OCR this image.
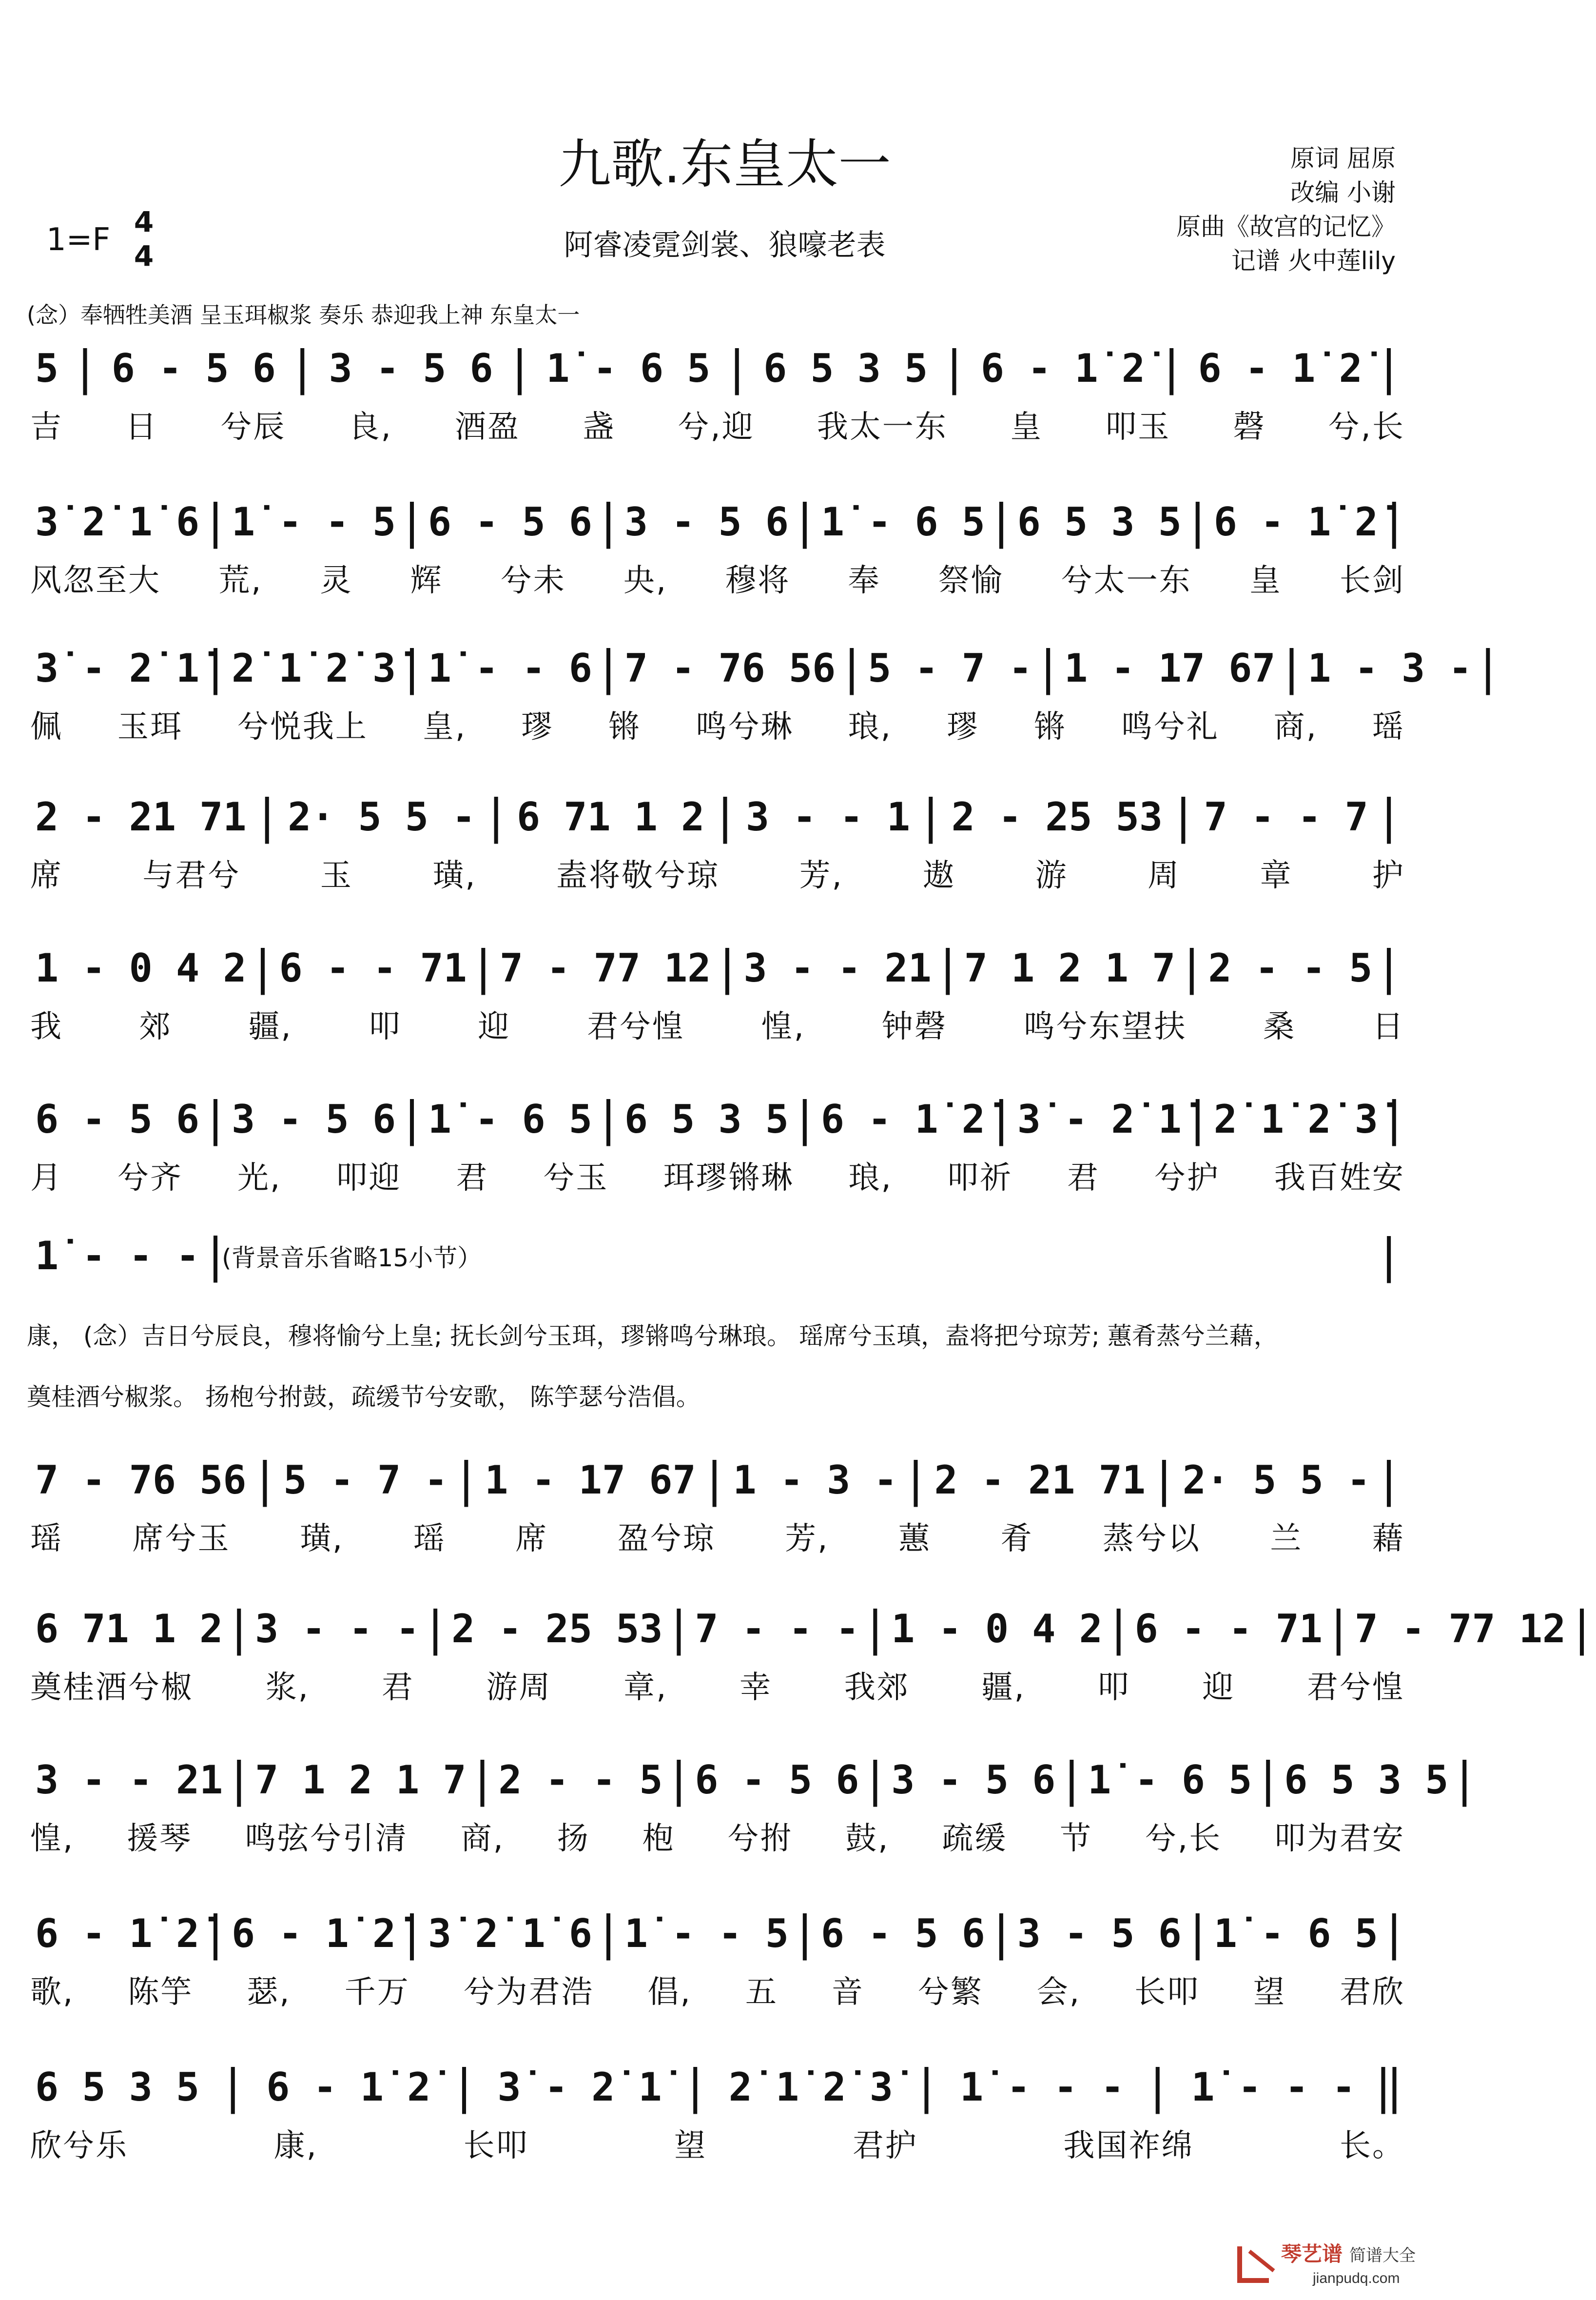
九歌.东皇太一
阿睿凌霓剑裳、狼嚎老表
1=F 4
4
原词 屈原
改编 小谢
原曲《故宫的记忆》
记谱 火中莲lily
(念）奉牺牲美酒 呈玉珥椒浆 奏乐 恭迎我上神 东皇太一
5 | 6 - 5 6 | 3 - 5 6 | 1̇ - 6 5 | 6 5 3 5 | 6 - 1̇ 2̇ | 6 - 1̇ 2̇ |
吉 日 兮辰 良, 酒盈 盏 兮,迎 我太一东 皇 叩玉 磬 兮,长
3̇ 2̇ 1̇ 6 | 1̇ - - 5 | 6 - 5 6 | 3 - 5 6 | 1̇ - 6 5 | 6 5 3 5 | 6 - 1̇ 2̇ |
风忽至大 荒, 灵 辉 兮未 央, 穆将 奉 祭愉 兮太一东 皇 长剑
3̇ - 2̇ 1̇ | 2̇ 1̇ 2̇ 3̇ | 1̇ - - 6 | 7 - 76 56 | 5 - 7 - | 1 - 17 67 | 1 - 3 - |
佩 玉珥 兮悦我上 皇, 璆 锵 鸣兮琳 琅, 璆 锵 鸣兮礼 商, 瑶
2 - 21 71 | 2· 5 5 - | 6 71 1 2 | 3 - - 1 | 2 - 25 53 | 7 - - 7 |
席	与君兮	玉	璜,	盍将敬兮琼	芳,	遨	游	周	章	护
1 - 0 4 2 | 6 - - 71 | 7 - 77 12 | 3 - - 21 | 7 1 2 1 7 | 2 - - 5 |
我 郊 疆, 叩 迎 君兮惶 惶, 钟磬 鸣兮东望扶 桑 日
6 - 5 6 | 3 - 5 6 | 1̇ - 6 5 | 6 5 3 5 | 6 - 1̇ 2̇ | 3̇ - 2̇ 1̇ | 2̇ 1̇ 2̇ 3̇ |
月 兮齐 光, 叩迎 君 兮玉 珥璆锵琳 琅, 叩祈 君 兮护 我百姓安
1̇ - - - |
7 - 76 56 | 5 - 7 - | 1 - 17 67 | 1 - 3 - | 2 - 21 71 | 2· 5 5 - |
瑶 席兮玉 璜, 瑶 席 盈兮琼 芳, 蕙 肴 蒸兮以 兰 藉
6 71 1 2 | 3 - - - | 2 - 25 53 | 7 - - - | 1 - 0 4 2 | 6 - - 71 | 7 - 77 12 |
奠桂酒兮椒 浆, 君 游周 章, 幸 我郊 疆, 叩 迎 君兮惶
3 - - 21 | 7 1 2 1 7 | 2 - - 5 | 6 - 5 6 | 3 - 5 6 | 1̇ - 6 5 | 6 5 3 5 |
惶, 援琴 鸣弦兮引清 商, 扬 枹 兮拊 鼓, 疏缓 节 兮,长 叩为君安
6 - 1̇ 2̇ | 6 - 1̇ 2̇ | 3̇ 2̇ 1̇ 6 | 1̇ - - 5 | 6 - 5 6 | 3 - 5 6 | 1̇ - 6 5 |
歌, 陈竽 瑟, 千万 兮为君浩 倡, 五 音 兮繁 会, 长叩 望 君欣
6 5 3 5 | 6 - 1̇ 2̇ | 3̇ - 2̇ 1̇ | 2̇ 1̇ 2̇ 3̇ | 1̇ - - - | 1̇ - - - ‖
欣兮乐	康,	长叩	望	君护	我国祚绵	长。
(背景音乐省略15小节）	|
康， (念）吉日兮辰良，穆将愉兮上皇; 抚长剑兮玉珥，璆锵鸣兮琳琅。 瑶席兮玉瑱，盍将把兮琼芳; 蕙肴蒸兮兰藉，
奠桂酒兮椒浆。 扬枹兮拊鼓，疏缓节兮安歌， 陈竽瑟兮浩倡。
琴艺谱 简谱大全
jianpudq.com
